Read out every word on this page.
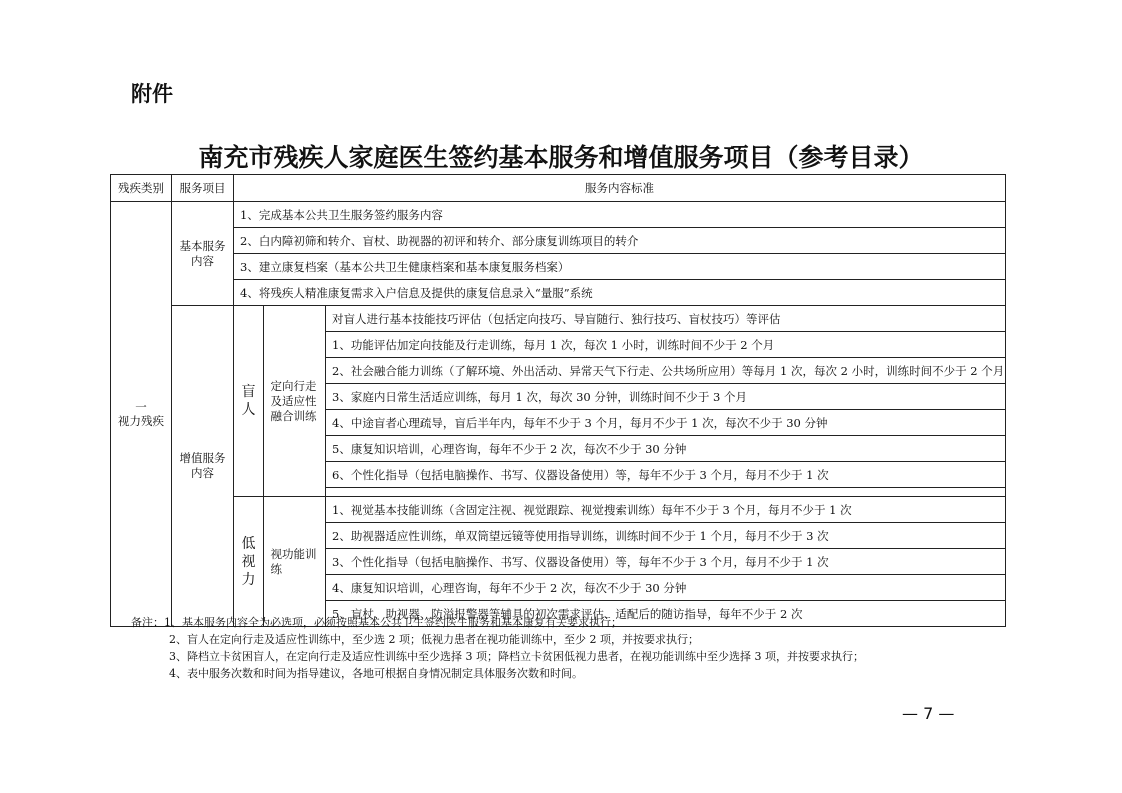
附件
南充市残疾人家庭医生签约基本服务和增值服务项目（参考目录）
残疾类别	服务项目	服务内容标准		
一
视力残疾	基本服务内容	1、完成基本公共卫生服务签约服务内容		
		2、白内障初筛和转介、盲杖、助视器的初评和转介、部分康复训练项目的转介		
		3、建立康复档案（基本公共卫生健康档案和基本康复服务档案）		
		4、将残疾人精准康复需求入户信息及提供的康复信息录入“量服”系统		
	增值服务内容	盲人	定向行走及适应性融合训练	对盲人进行基本技能技巧评估（包括定向技巧、导盲随行、独行技巧、盲杖技巧）等评估
				1、功能评估加定向技能及行走训练，每月 1 次，每次 1 小时，训练时间不少于 2 个月
				2、社会融合能力训练（了解环境、外出活动、异常天气下行走、公共场所应用）等每月 1 次，每次 2 小时，训练时间不少于 2 个月
				3、家庭内日常生活适应训练，每月 1 次，每次 30 分钟，训练时间不少于 3 个月
				4、中途盲者心理疏导，盲后半年内，每年不少于 3 个月，每月不少于 1 次，每次不少于 30 分钟
				5、康复知识培训，心理咨询，每年不少于 2 次，每次不少于 30 分钟
				6、个性化指导（包括电脑操作、书写、仪器设备使用）等，每年不少于 3 个月，每月不少于 1 次

		低视力	视功能训练	1、视觉基本技能训练（含固定注视、视觉跟踪、视觉搜索训练）每年不少于 3 个月，每月不少于 1 次
				2、助视器适应性训练，单双筒望远镜等使用指导训练，训练时间不少于 1 个月，每月不少于 3 次
				3、个性化指导（包括电脑操作、书写、仪器设备使用）等，每年不少于 3 个月，每月不少于 1 次
				4、康复知识培训，心理咨询，每年不少于 2 次，每次不少于 30 分钟
				5、盲杖、助视器、防溢报警器等辅具的初次需求评估、适配后的随访指导，每年不少于 2 次
备注：1、基本服务内容全为必选项，必须按照基本公共卫生签约医生服务和基本康复有关要求执行；
2、盲人在定向行走及适应性训练中，至少选 2 项；低视力患者在视功能训练中，至少 2 项，并按要求执行；
3、降档立卡贫困盲人，在定向行走及适应性训练中至少选择 3 项；降档立卡贫困低视力患者，在视功能训练中至少选择 3 项，并按要求执行；
4、表中服务次数和时间为指导建议，各地可根据自身情况制定具体服务次数和时间。
— 7 —
